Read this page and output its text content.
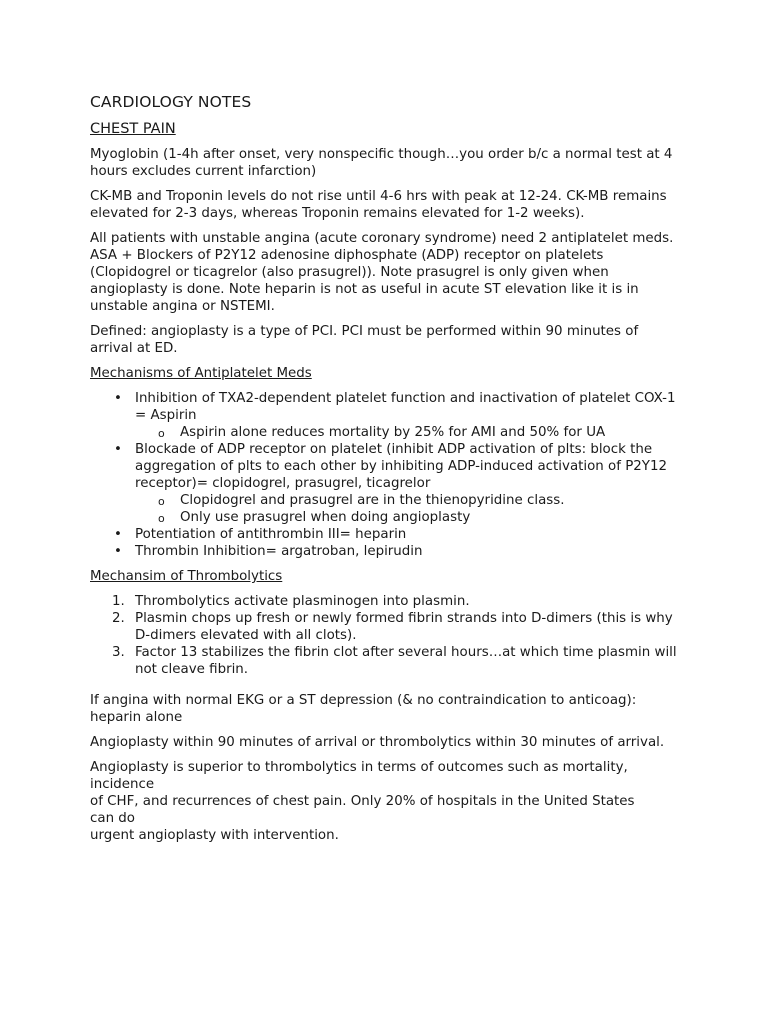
CARDIOLOGY NOTES
CHEST PAIN

Myoglobin (1-4h after onset, very nonspecific though…you order b/c a normal test at 4 hours excludes current infarction)

CK-MB and Troponin levels do not rise until 4-6 hrs with peak at 12-24. CK-MB remains elevated for 2-3 days, whereas Troponin remains elevated for 1-2 weeks).

All patients with unstable angina (acute coronary syndrome) need 2 antiplatelet meds. ASA + Blockers of P2Y12 adenosine diphosphate (ADP) receptor on platelets (Clopidogrel or ticagrelor (also prasugrel)). Note prasugrel is only given when angioplasty is done. Note heparin is not as useful in acute ST elevation like it is in unstable angina or NSTEMI.

Defined: angioplasty is a type of PCI. PCI must be performed within 90 minutes of arrival at ED.

Mechanisms of Antiplatelet Meds
• Inhibition of TXA2-dependent platelet function and inactivation of platelet COX-1 = Aspirin
o Aspirin alone reduces mortality by 25% for AMI and 50% for UA
• Blockade of ADP receptor on platelet (inhibit ADP activation of plts: block the aggregation of plts to each other by inhibiting ADP-induced activation of P2Y12 receptor)= clopidogrel, prasugrel, ticagrelor
o Clopidogrel and prasugrel are in the thienopyridine class.
o Only use prasugrel when doing angioplasty
• Potentiation of antithrombin III= heparin
• Thrombin Inhibition= argatroban, lepirudin
Mechansim of Thrombolytics
1. Thrombolytics activate plasminogen into plasmin.
2. Plasmin chops up fresh or newly formed fibrin strands into D-dimers (this is why D-dimers elevated with all clots).
3. Factor 13 stabilizes the fibrin clot after several hours…at which time plasmin will not cleave fibrin.

If angina with normal EKG or a ST depression (& no contraindication to anticoag): heparin alone

Angioplasty within 90 minutes of arrival or thrombolytics within 30 minutes of arrival.

Angioplasty is superior to thrombolytics in terms of outcomes such as mortality,
incidence
of CHF, and recurrences of chest pain. Only 20% of hospitals in the United States
can do
urgent angioplasty with intervention.
